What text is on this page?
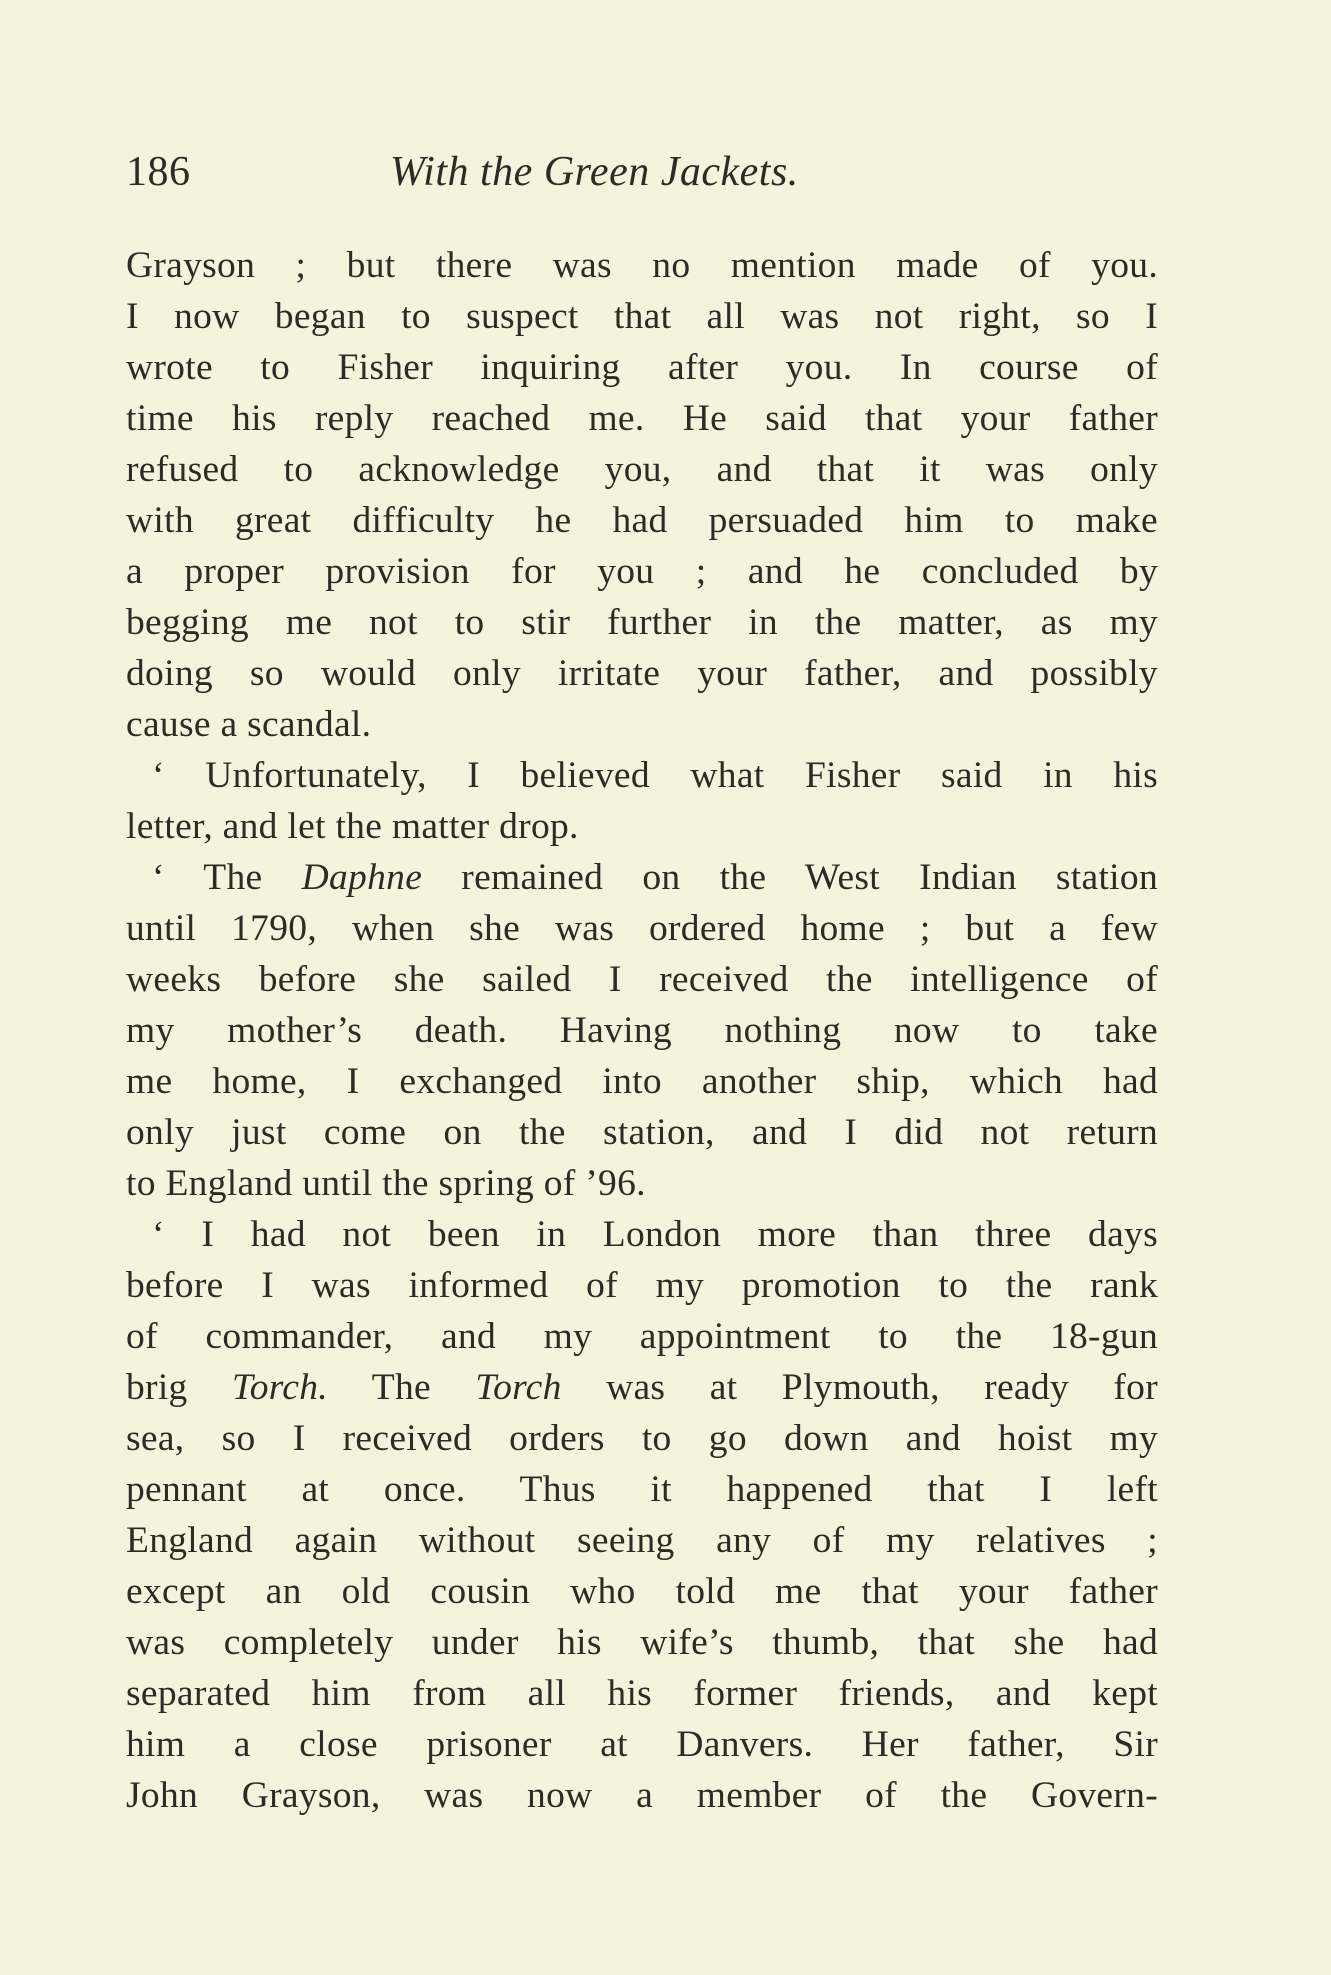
186	With the Green Jackets.
Grayson ; but there was no mention made of you.
I now began to suspect that all was not right, so I
wrote to Fisher inquiring after you. In course of
time his reply reached me. He said that your father
refused to acknowledge you, and that it was only
with great difficulty he had persuaded him to make
a proper provision for you ; and he concluded by
begging me not to stir further in the matter, as my
doing so would only irritate your father, and possibly
cause a scandal.
‘ Unfortunately, I believed what Fisher said in his
letter, and let the matter drop.
‘ The Daphne remained on the West Indian station
until 1790, when she was ordered home ; but a few
weeks before she sailed I received the intelligence of
my mother’s death. Having nothing now to take
me home, I exchanged into another ship, which had
only just come on the station, and I did not return
to England until the spring of ’96.
‘ I had not been in London more than three days
before I was informed of my promotion to the rank
of commander, and my appointment to the 18-gun
brig Torch. The Torch was at Plymouth, ready for
sea, so I received orders to go down and hoist my
pennant at once. Thus it happened that I left
England again without seeing any of my relatives ;
except an old cousin who told me that your father
was completely under his wife’s thumb, that she had
separated him from all his former friends, and kept
him a close prisoner at Danvers. Her father, Sir
John Grayson, was now a member of the Govern-
